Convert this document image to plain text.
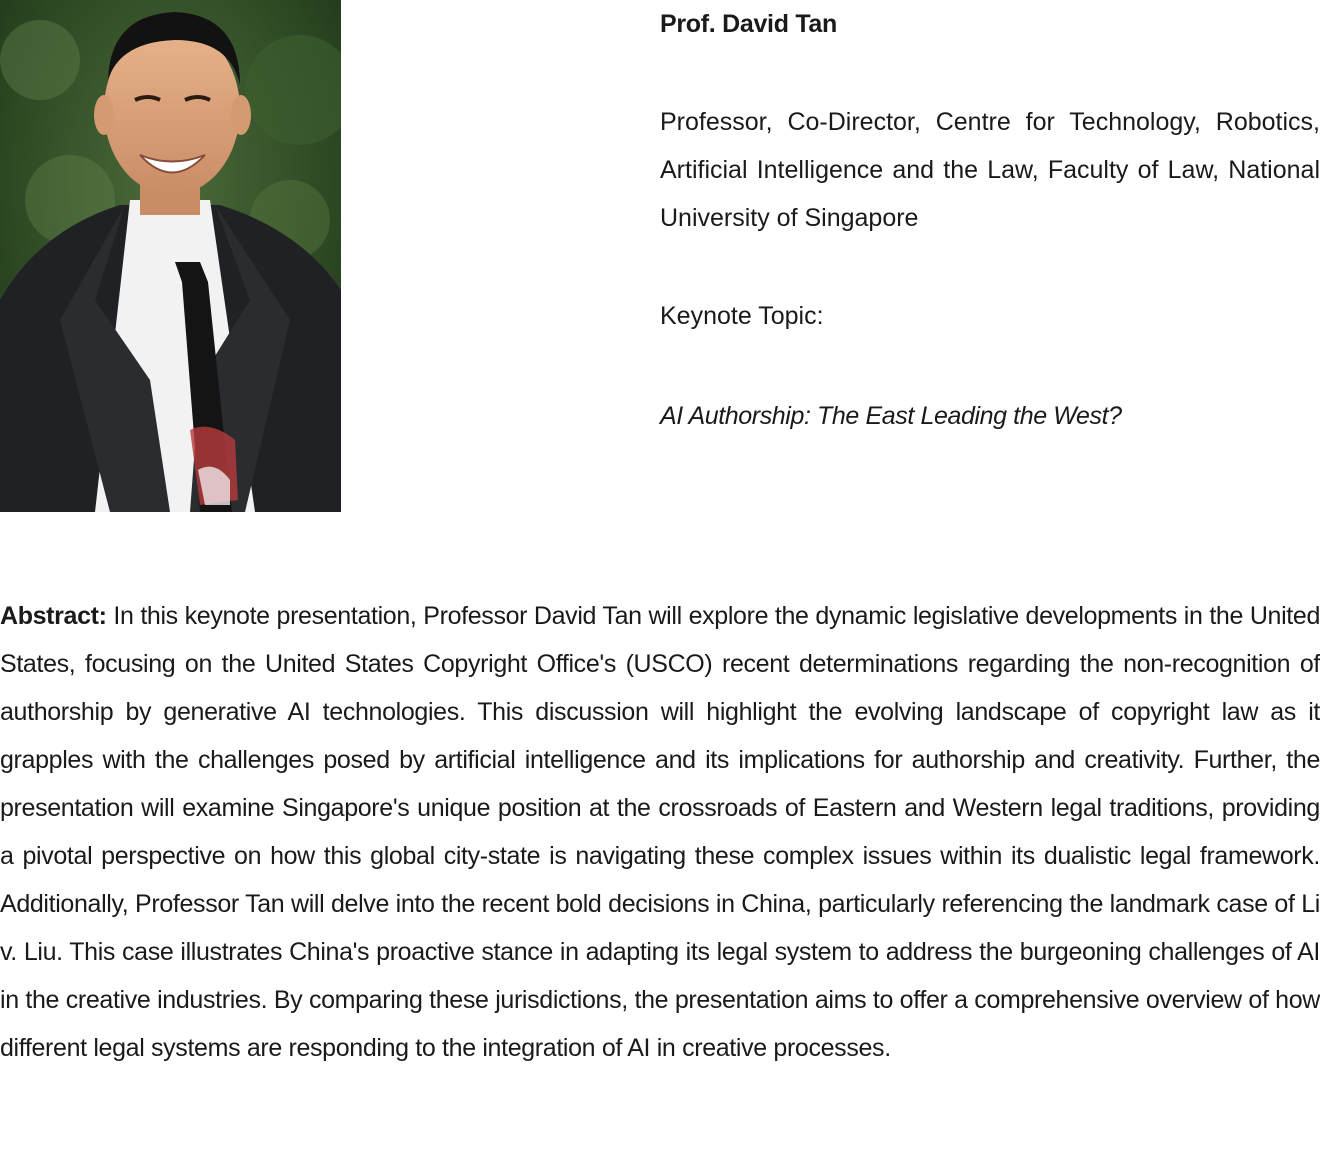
Prof. David Tan

Professor, Co-Director, Centre for Technology, Robotics, Artificial Intelligence and the Law, Faculty of Law, National University of Singapore

Keynote Topic:

AI Authorship: The East Leading the West?

Abstract: In this keynote presentation, Professor David Tan will explore the dynamic legislative developments in the United States, focusing on the United States Copyright Office's (USCO) recent determinations regarding the non-recognition of authorship by generative AI technologies. This discussion will highlight the evolving landscape of copyright law as it grapples with the challenges posed by artificial intelligence and its implications for authorship and creativity. Further, the presentation will examine Singapore's unique position at the crossroads of Eastern and Western legal traditions, providing a pivotal perspective on how this global city-state is navigating these complex issues within its dualistic legal framework. Additionally, Professor Tan will delve into the recent bold decisions in China, particularly referencing the landmark case of Li v. Liu. This case illustrates China's proactive stance in adapting its legal system to address the burgeoning challenges of AI in the creative industries. By comparing these jurisdictions, the presentation aims to offer a comprehensive overview of how different legal systems are responding to the integration of AI in creative processes.
